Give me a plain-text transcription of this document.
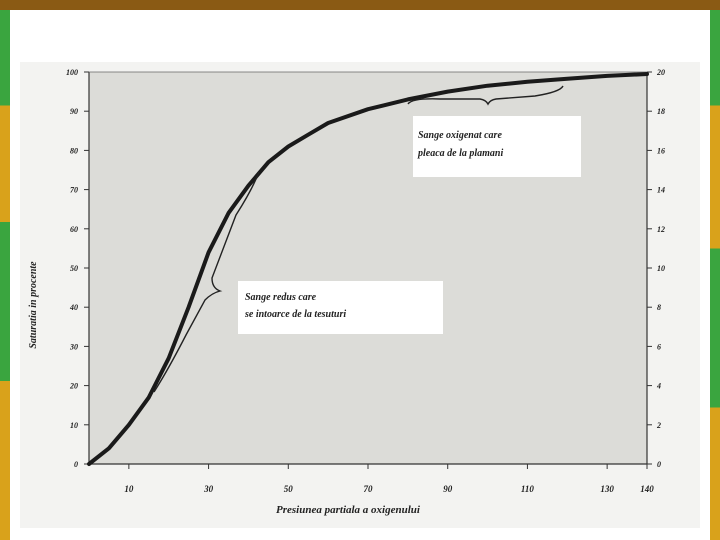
0
10
20
30
40
50
60
70
80
90
100
0
2
4
6
8
10
12
14
16
18
20
10	30	50	70	90	110	130	140
Sange oxigenat care
pleaca de la plamani
Sange redus care
se intoarce de la tesuturi
Presiunea partiala a oxigenului
Saturatia in procente
